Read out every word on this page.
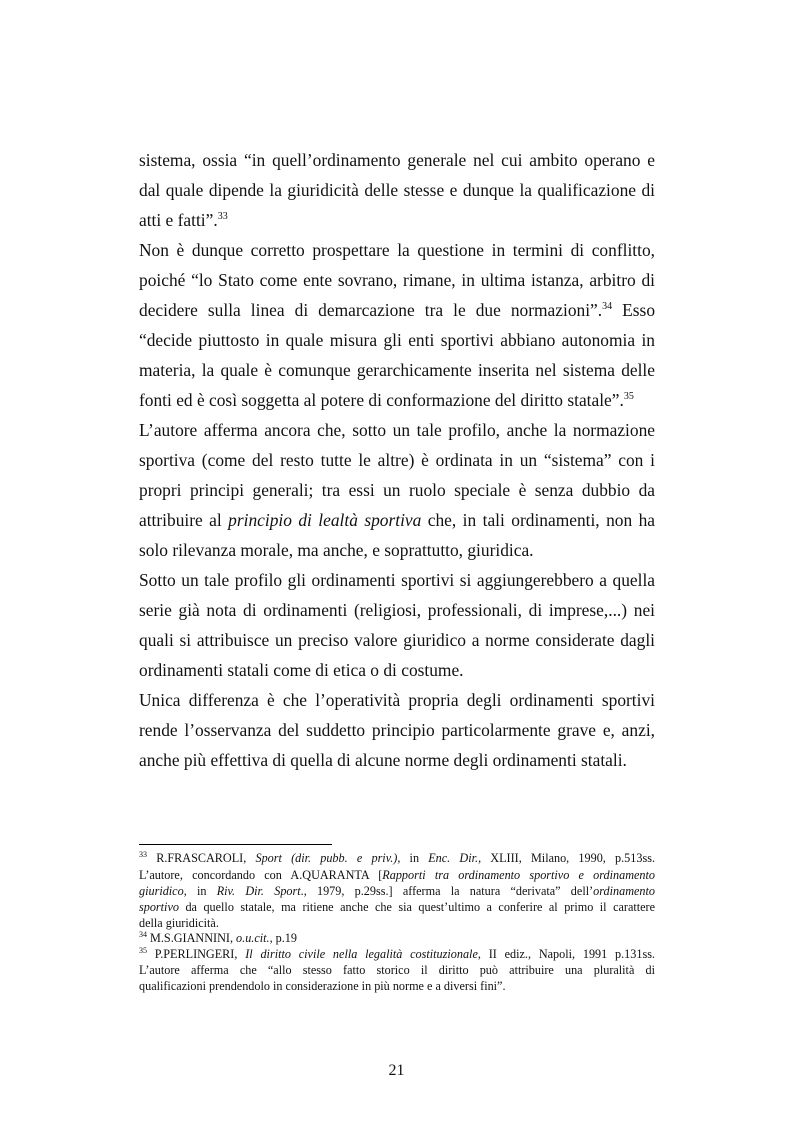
sistema, ossia “in quell’ordinamento generale nel cui ambito operano e
dal quale dipende la giuridicità delle stesse e dunque la qualificazione di
atti e fatti”.$^{33}$
Non è dunque corretto prospettare la questione in termini di conflitto,
poiché “lo Stato come ente sovrano, rimane, in ultima istanza, arbitro di
decidere sulla linea di demarcazione tra le due normazioni”.$^{34}$ Esso
“decide piuttosto in quale misura gli enti sportivi abbiano autonomia in
materia, la quale è comunque gerarchicamente inserita nel sistema delle
fonti ed è così soggetta al potere di conformazione del diritto statale”.$^{35}$
L’autore afferma ancora che, sotto un tale profilo, anche la normazione
sportiva (come del resto tutte le altre) è ordinata in un “sistema” con i
propri principi generali; tra essi un ruolo speciale è senza dubbio da
attribuire al principio di lealtà sportiva che, in tali ordinamenti, non ha
solo rilevanza morale, ma anche, e soprattutto, giuridica.
Sotto un tale profilo gli ordinamenti sportivi si aggiungerebbero a quella
serie già nota di ordinamenti (religiosi, professionali, di imprese,...) nei
quali si attribuisce un preciso valore giuridico a norme considerate dagli
ordinamenti statali come di etica o di costume.
Unica differenza è che l’operatività propria degli ordinamenti sportivi
rende l’osservanza del suddetto principio particolarmente grave e, anzi,
anche più effettiva di quella di alcune norme degli ordinamenti statali.
$^{33}$ R.FRASCAROLI, Sport (dir. pubb. e priv.), in Enc. Dir., XLIII, Milano, 1990, p.513ss.
L’autore, concordando con A.QUARANTA [Rapporti tra ordinamento sportivo e ordinamento
giuridico, in Riv. Dir. Sport., 1979, p.29ss.] afferma la natura “derivata” dell’ordinamento
sportivo da quello statale, ma ritiene anche che sia quest’ultimo a conferire al primo il carattere
della giuridicità.
$^{34}$ M.S.GIANNINI, o.u.cit., p.19
$^{35}$ P.PERLINGERI, Il diritto civile nella legalità costituzionale, II ediz., Napoli, 1991 p.131ss.
L’autore afferma che “allo stesso fatto storico il diritto può attribuire una pluralità di
qualificazioni prendendolo in considerazione in più norme e a diversi fini”.
21
